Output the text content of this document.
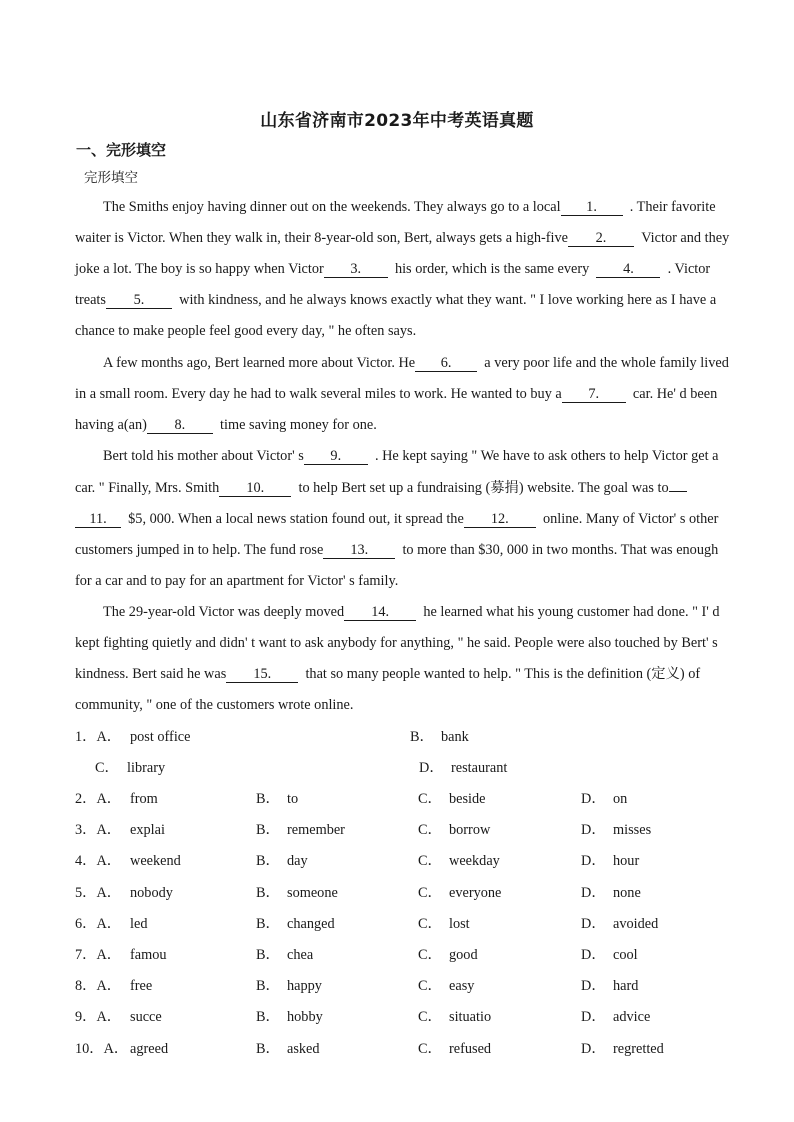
山东省济南市2023年中考英语真题
一、完形填空
完形填空
The Smiths enjoy having dinner out on the weekends. They always go to a local 1. . Their favorite
waiter is Victor. When they walk in, their 8-year-old son, Bert, always gets a high-five 2. Victor and they
joke a lot. The boy is so happy when Victor 3. his order, which is the same every 4. . Victor
treats 5. with kindness, and he always knows exactly what they want. " I love working here as I have a
chance to make people feel good every day, " he often says.
A few months ago, Bert learned more about Victor. He 6. a very poor life and the whole family lived
in a small room. Every day he had to walk several miles to work. He wanted to buy a 7. car. He' d been
having a(an) 8. time saving money for one.
Bert told his mother about Victor' s 9. . He kept saying " We have to ask others to help Victor get a
car. " Finally, Mrs. Smith 10. to help Bert set up a fundraising (募捐) website. The goal was to
11. $5, 000. When a local news station found out, it spread the 12. online. Many of Victor' s other
customers jumped in to help. The fund rose 13. to more than $30, 000 in two months. That was enough
for a car and to pay for an apartment for Victor' s family.
The 29-year-old Victor was deeply moved 14. he learned what his young customer had done. " I' d
kept fighting quietly and didn' t want to ask anybody for anything, " he said. People were also touched by Bert' s
kindness. Bert said he was 15. that so many people wanted to help. " This is the definition (定义) of
community, " one of the customers wrote online.
1．A． post office	B． bank
C． library	D． restaurant
2．A． from	B． to	C． beside	D． on
3．A． explai	B． remember	C． borrow	D． misses
4．A． weekend	B． day	C． weekday	D． hour
5．A． nobody	B． someone	C． everyone	D． none
6．A． led	B． changed	C． lost	D． avoided
7．A． famou	B． chea	C． good	D． cool
8．A． free	B． happy	C． easy	D． hard
9．A． succe	B． hobby	C． situatio	D． advice
10．A． agreed	B． asked	C． refused	D． regretted
